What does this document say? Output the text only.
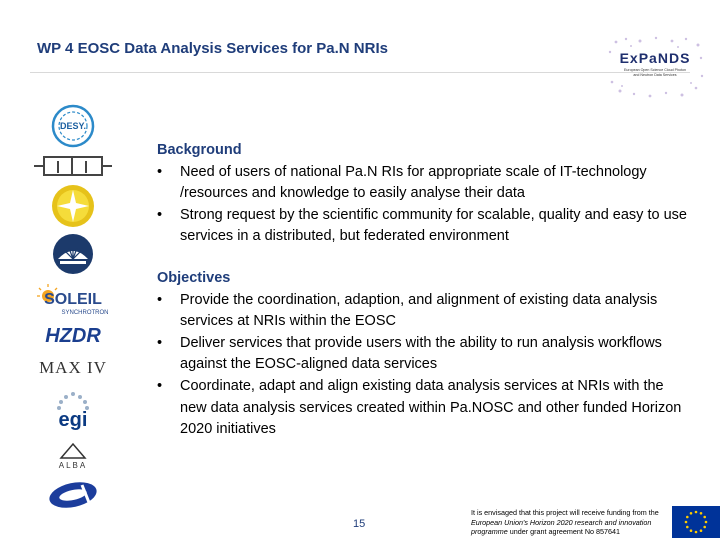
WP 4 EOSC Data Analysis Services for Pa.N NRIs
ExPaNDS
European Open Science Cloud Photon
and Neutron Data Services
DESY.
SOLEIL
SYNCHROTRON
HZDR
MAX IV
egi
ALBA
Background
• Need of users of national Pa.N RIs for appropriate scale of IT-technology /resources and knowledge to easily analyse their data
• Strong request by the scientific community for scalable, quality and easy to use services in a distributed, but federated environment
Objectives
• Provide the coordination, adaption, and alignment of existing data analysis services at NRIs within the EOSC
• Deliver services that provide users with the ability to run analysis workflows against the EOSC-aligned data services
• Coordinate, adapt and align existing data analysis services at NRIs with the new data analysis services created within Pa.NOSC and other funded Horizon 2020 initiatives
15
It is envisaged that this project will receive funding from the European Union's Horizon 2020 research and innovation programme under grant agreement No 857641
